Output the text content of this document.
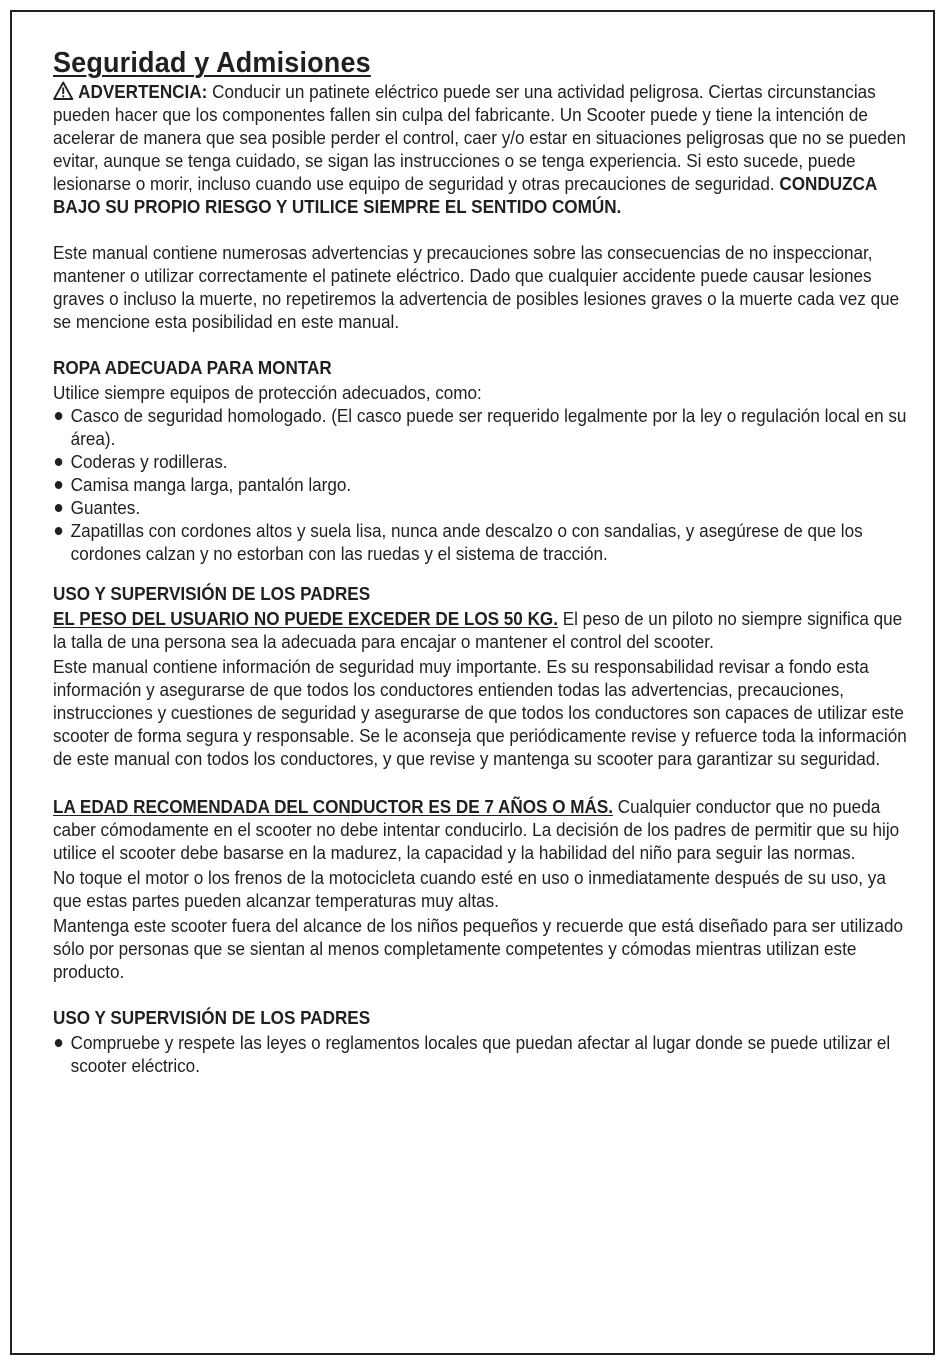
Seguridad y Admisiones

ADVERTENCIA: Conducir un patinete eléctrico puede ser una actividad peligrosa. Ciertas circunstancias pueden hacer que los componentes fallen sin culpa del fabricante. Un Scooter puede y tiene la intención de acelerar de manera que sea posible perder el control, caer y/o estar en situaciones peligrosas que no se pueden evitar, aunque se tenga cuidado, se sigan las instrucciones o se tenga experiencia. Si esto sucede, puede lesionarse o morir, incluso cuando use equipo de seguridad y otras precauciones de seguridad. CONDUZCA BAJO SU PROPIO RIESGO Y UTILICE SIEMPRE EL SENTIDO COMÚN.

Este manual contiene numerosas advertencias y precauciones sobre las consecuencias de no inspeccionar, mantener o utilizar correctamente el patinete eléctrico. Dado que cualquier accidente puede causar lesiones graves o incluso la muerte, no repetiremos la advertencia de posibles lesiones graves o la muerte cada vez que se mencione esta posibilidad en este manual.

ROPA ADECUADA PARA MONTAR

Utilice siempre equipos de protección adecuados, como:

Casco de seguridad homologado. (El casco puede ser requerido legalmente por la ley o regulación local en su área).
Coderas y rodilleras.
Camisa manga larga, pantalón largo.
Guantes.
Zapatillas con cordones altos y suela lisa, nunca ande descalzo o con sandalias, y asegúrese de que los cordones calzan y no estorban con las ruedas y el sistema de tracción.

USO Y SUPERVISIÓN DE LOS PADRES

EL PESO DEL USUARIO NO PUEDE EXCEDER DE LOS 50 KG. El peso de un piloto no siempre significa que la talla de una persona sea la adecuada para encajar o mantener el control del scooter.

Este manual contiene información de seguridad muy importante. Es su responsabilidad revisar a fondo esta información y asegurarse de que todos los conductores entienden todas las advertencias, precauciones, instrucciones y cuestiones de seguridad y asegurarse de que todos los conductores son capaces de utilizar este scooter de forma segura y responsable. Se le aconseja que periódicamente revise y refuerce toda la información de este manual con todos los conductores, y que revise y mantenga su scooter para garantizar su seguridad.

LA EDAD RECOMENDADA DEL CONDUCTOR ES DE 7 AÑOS O MÁS. Cualquier conductor que no pueda caber cómodamente en el scooter no debe intentar conducirlo. La decisión de los padres de permitir que su hijo utilice el scooter debe basarse en la madurez, la capacidad y la habilidad del niño para seguir las normas.

No toque el motor o los frenos de la motocicleta cuando esté en uso o inmediatamente después de su uso, ya que estas partes pueden alcanzar temperaturas muy altas.

Mantenga este scooter fuera del alcance de los niños pequeños y recuerde que está diseñado para ser utilizado sólo por personas que se sientan al menos completamente competentes y cómodas mientras utilizan este producto.

USO Y SUPERVISIÓN DE LOS PADRES

Compruebe y respete las leyes o reglamentos locales que puedan afectar al lugar donde se puede utilizar el scooter eléctrico.
